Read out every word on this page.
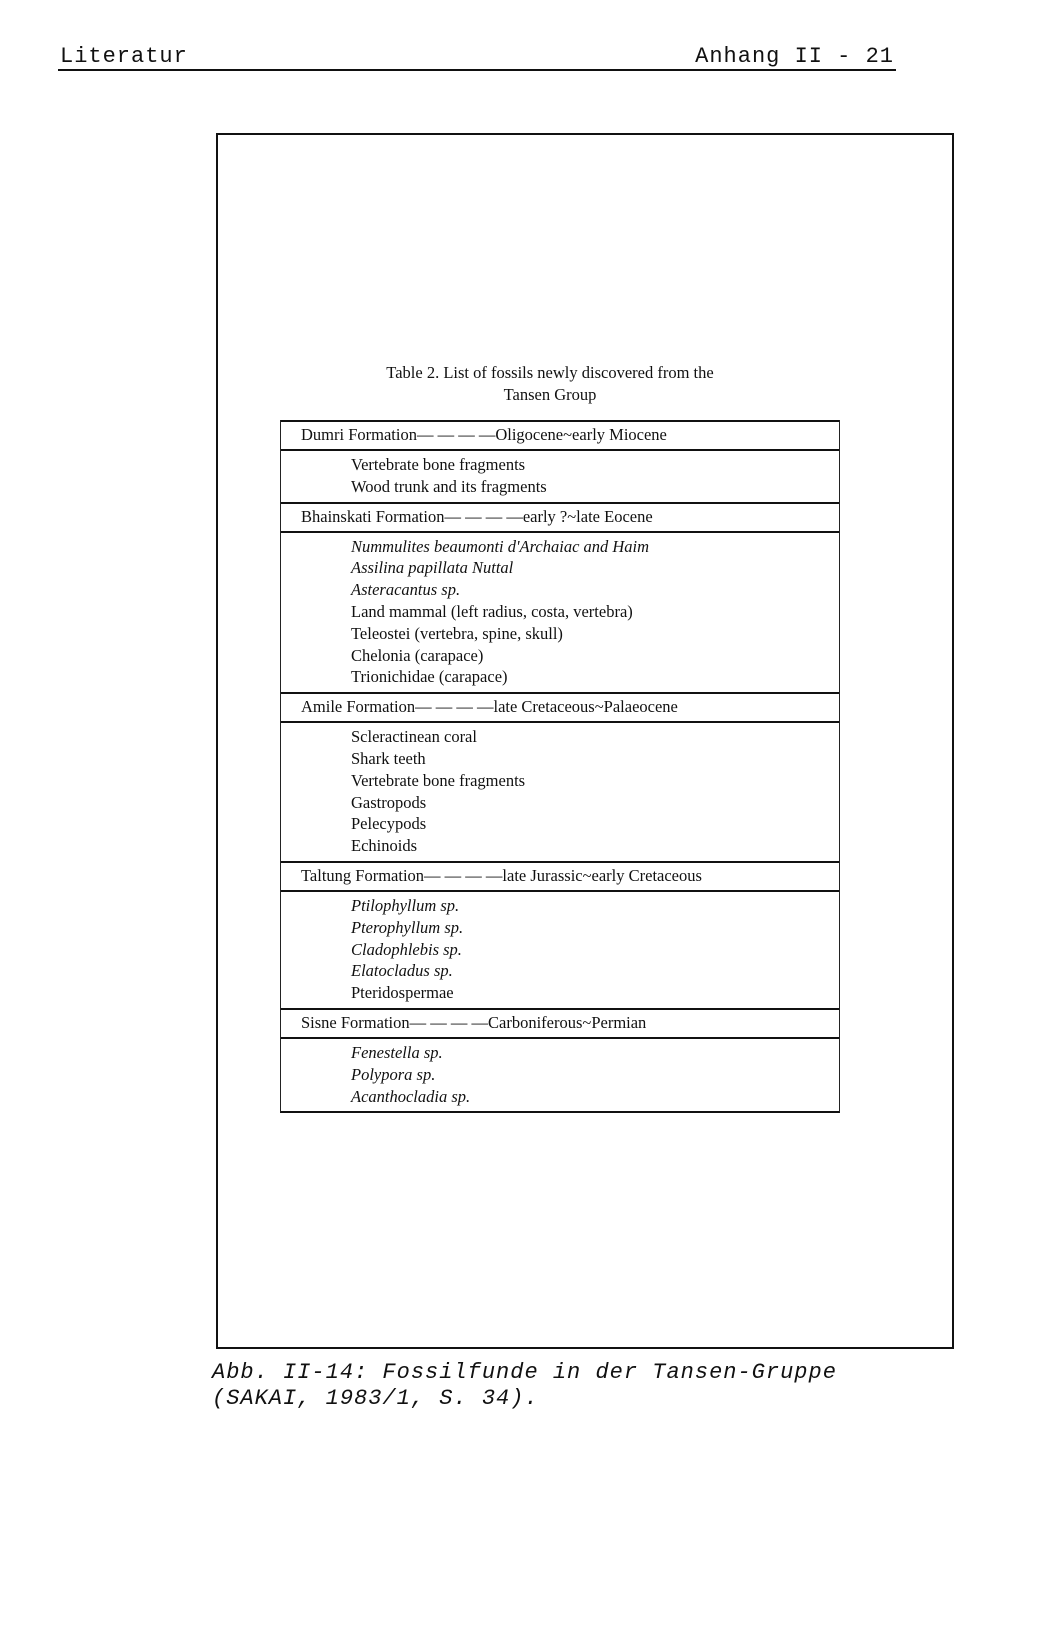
Literatur	Anhang II - 21
Table 2. List of fossils newly discovered from the
Tansen Group
Dumri Formation— — — —Oligocene~early Miocene
Vertebrate bone fragments
Wood trunk and its fragments
Bhainskati Formation— — — —early ?~late Eocene
Nummulites beaumonti d'Archaiac and Haim
Assilina papillata Nuttal
Asteracantus sp.
Land mammal (left radius, costa, vertebra)
Teleostei (vertebra, spine, skull)
Chelonia (carapace)
Trionichidae (carapace)
Amile Formation— — — —late Cretaceous~Palaeocene
Scleractinean coral
Shark teeth
Vertebrate bone fragments
Gastropods
Pelecypods
Echinoids
Taltung Formation— — — —late Jurassic~early Cretaceous
Ptilophyllum sp.
Pterophyllum sp.
Cladophlebis sp.
Elatocladus sp.
Pteridospermae
Sisne Formation— — — —Carboniferous~Permian
Fenestella sp.
Polypora sp.
Acanthocladia sp.
Abb. II-14: Fossilfunde in der Tansen-Gruppe
(SAKAI, 1983/1, S. 34).
